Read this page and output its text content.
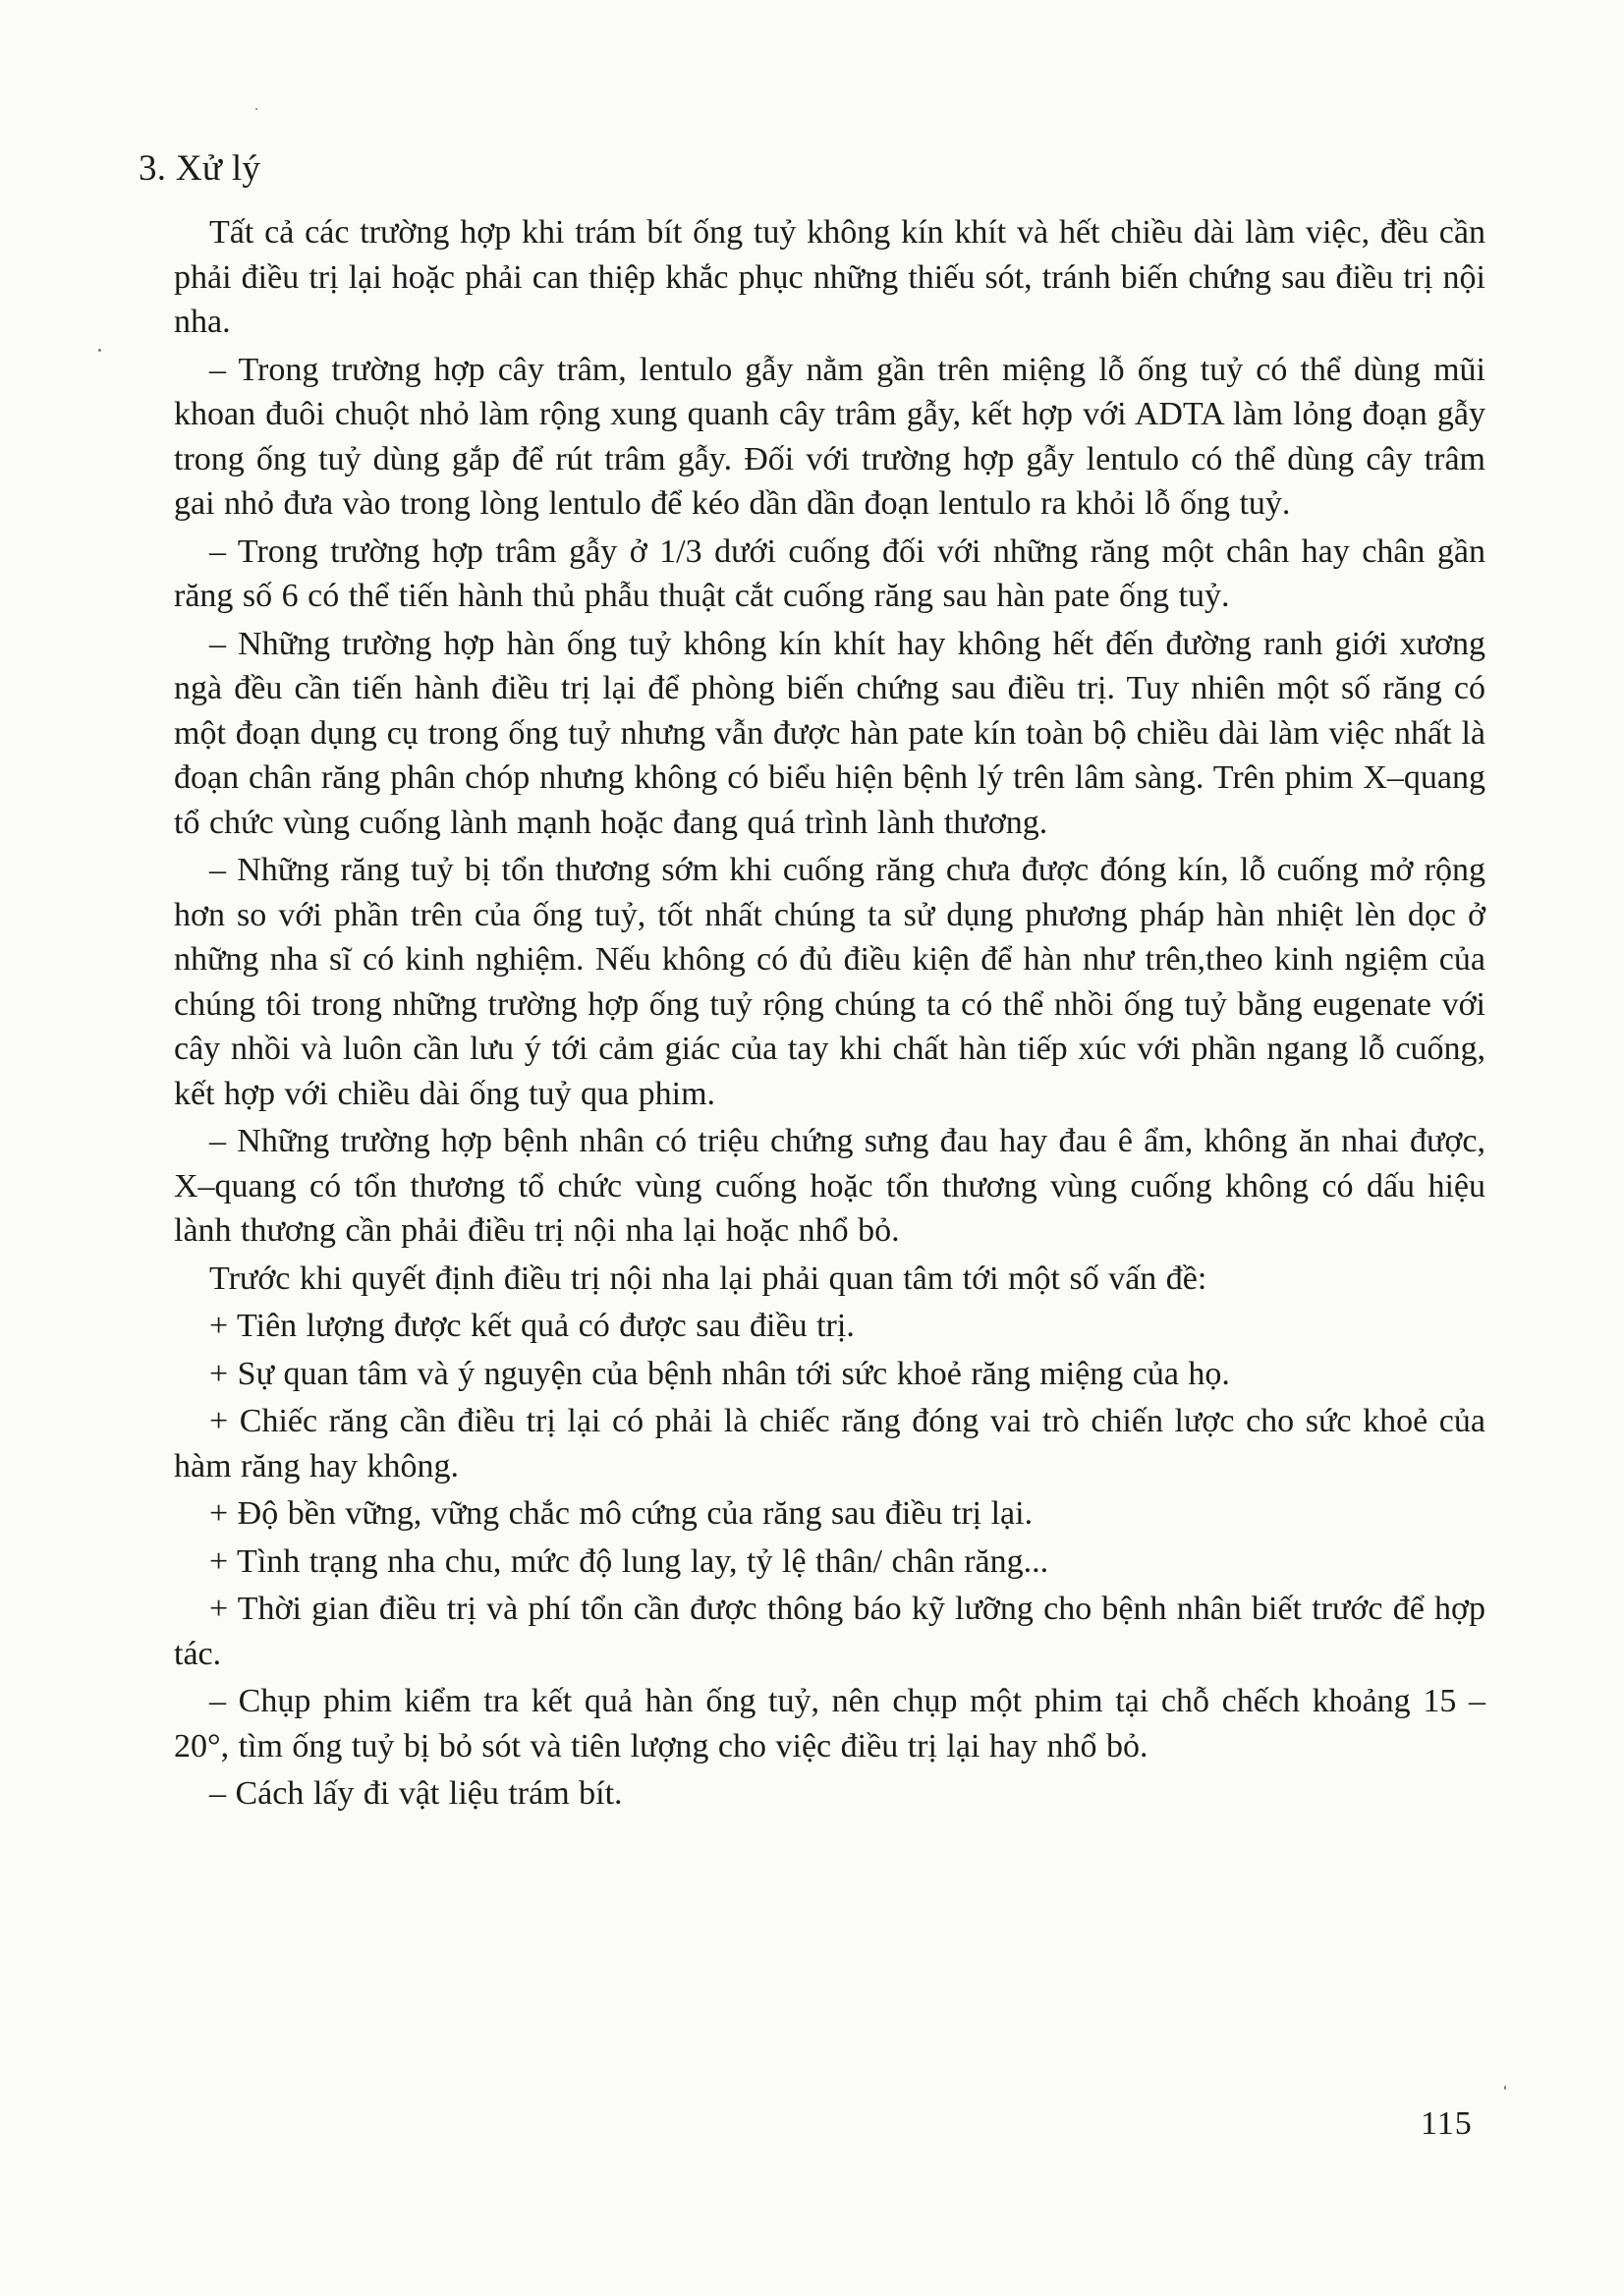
3. Xử lý

Tất cả các trường hợp khi trám bít ống tuỷ không kín khít và hết chiều dài làm việc, đều cần phải điều trị lại hoặc phải can thiệp khắc phục những thiếu sót, tránh biến chứng sau điều trị nội nha.

– Trong trường hợp cây trâm, lentulo gẫy nằm gần trên miệng lỗ ống tuỷ có thể dùng mũi khoan đuôi chuột nhỏ làm rộng xung quanh cây trâm gẫy, kết hợp với ADTA làm lỏng đoạn gẫy trong ống tuỷ dùng gắp để rút trâm gẫy. Đối với trường hợp gẫy lentulo có thể dùng cây trâm gai nhỏ đưa vào trong lòng lentulo để kéo dần dần đoạn lentulo ra khỏi lỗ ống tuỷ.

– Trong trường hợp trâm gẫy ở 1/3 dưới cuống đối với những răng một chân hay chân gần răng số 6 có thể tiến hành thủ phẫu thuật cắt cuống răng sau hàn pate ống tuỷ.

– Những trường hợp hàn ống tuỷ không kín khít hay không hết đến đường ranh giới xương ngà đều cần tiến hành điều trị lại để phòng biến chứng sau điều trị. Tuy nhiên một số răng có một đoạn dụng cụ trong ống tuỷ nhưng vẫn được hàn pate kín toàn bộ chiều dài làm việc nhất là đoạn chân răng phân chóp nhưng không có biểu hiện bệnh lý trên lâm sàng. Trên phim X–quang tổ chức vùng cuống lành mạnh hoặc đang quá trình lành thương.

– Những răng tuỷ bị tổn thương sớm khi cuống răng chưa được đóng kín, lỗ cuống mở rộng hơn so với phần trên của ống tuỷ, tốt nhất chúng ta sử dụng phương pháp hàn nhiệt lèn dọc ở những nha sĩ có kinh nghiệm. Nếu không có đủ điều kiện để hàn như trên,theo kinh ngiệm của chúng tôi trong những trường hợp ống tuỷ rộng chúng ta có thể nhồi ống tuỷ bằng eugenate với cây nhồi và luôn cần lưu ý tới cảm giác của tay khi chất hàn tiếp xúc với phần ngang lỗ cuống, kết hợp với chiều dài ống tuỷ qua phim.

– Những trường hợp bệnh nhân có triệu chứng sưng đau hay đau ê ẩm, không ăn nhai được, X–quang có tổn thương tổ chức vùng cuống hoặc tổn thương vùng cuống không có dấu hiệu lành thương cần phải điều trị nội nha lại hoặc nhổ bỏ.

Trước khi quyết định điều trị nội nha lại phải quan tâm tới một số vấn đề:

+ Tiên lượng được kết quả có được sau điều trị.

+ Sự quan tâm và ý nguyện của bệnh nhân tới sức khoẻ răng miệng của họ.

+ Chiếc răng cần điều trị lại có phải là chiếc răng đóng vai trò chiến lược cho sức khoẻ của hàm răng hay không.

+ Độ bền vững, vững chắc mô cứng của răng sau điều trị lại.

+ Tình trạng nha chu, mức độ lung lay, tỷ lệ thân/ chân răng...

+ Thời gian điều trị và phí tổn cần được thông báo kỹ lưỡng cho bệnh nhân biết trước để hợp tác.

– Chụp phim kiểm tra kết quả hàn ống tuỷ, nên chụp một phim tại chỗ chếch khoảng 15 – 20°, tìm ống tuỷ bị bỏ sót và tiên lượng cho việc điều trị lại hay nhổ bỏ.

– Cách lấy đi vật liệu trám bít.

115
